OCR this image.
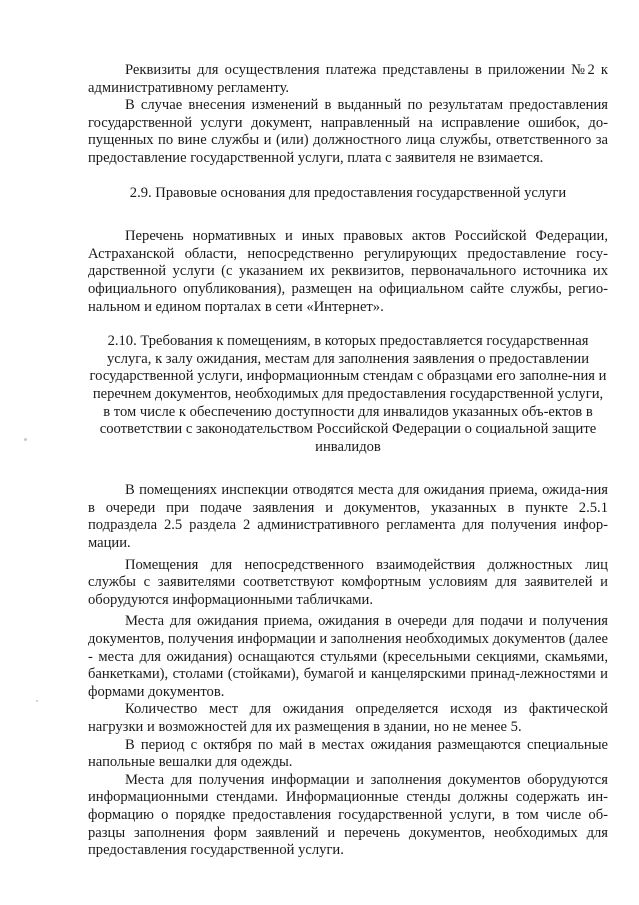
Реквизиты для осуществления платежа представлены в приложении №2 к административному регламенту.

В случае внесения изменений в выданный по результатам предоставления государственной услуги документ, направленный на исправление ошибок, до-пущенных по вине службы и (или) должностного лица службы, ответственного за предоставление государственной услуги, плата с заявителя не взимается.

2.9. Правовые основания для предоставления государственной услуги

Перечень нормативных и иных правовых актов Российской Федерации, Астраханской области, непосредственно регулирующих предоставление госу-дарственной услуги (с указанием их реквизитов, первоначального источника их официального опубликования), размещен на официальном сайте службы, регио-нальном и едином порталах в сети «Интернет».

2.10. Требования к помещениям, в которых предоставляется государственная услуга, к залу ожидания, местам для заполнения заявления о предоставлении государственной услуги, информационным стендам с образцами его заполне-ния и перечнем документов, необходимых для предоставления государственной услуги, в том числе к обеспечению доступности для инвалидов указанных объ-ектов в соответствии с законодательством Российской Федерации о социальной защите инвалидов

В помещениях инспекции отводятся места для ожидания приема, ожида-ния в очереди при подаче заявления и документов, указанных в пункте 2.5.1 подраздела 2.5 раздела 2 административного регламента для получения инфор-мации.

Помещения для непосредственного взаимодействия должностных лиц службы с заявителями соответствуют комфортным условиям для заявителей и оборудуются информационными табличками.

Места для ожидания приема, ожидания в очереди для подачи и получения документов, получения информации и заполнения необходимых документов (далее - места для ожидания) оснащаются стульями (кресельными секциями, скамьями, банкетками), столами (стойками), бумагой и канцелярскими принад-лежностями и формами документов.

Количество мест для ожидания определяется исходя из фактической нагрузки и возможностей для их размещения в здании, но не менее 5.

В период с октября по май в местах ожидания размещаются специальные напольные вешалки для одежды.

Места для получения информации и заполнения документов оборудуются информационными стендами. Информационные стенды должны содержать ин-формацию о порядке предоставления государственной услуги, в том числе об-разцы заполнения форм заявлений и перечень документов, необходимых для предоставления государственной услуги.
